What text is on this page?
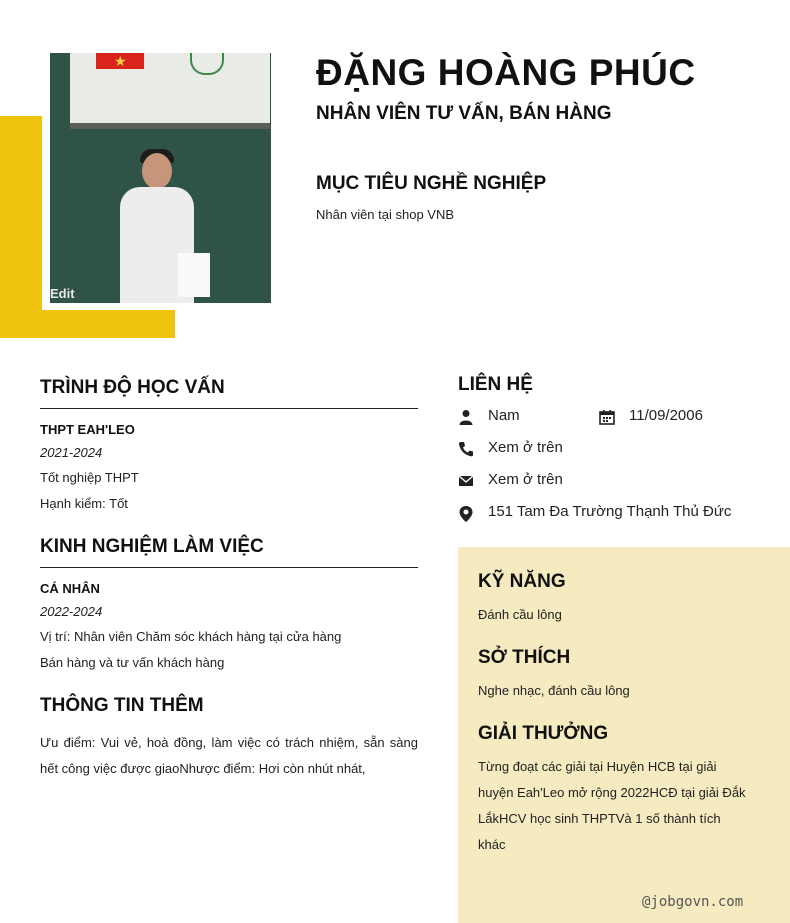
★
Edit
ĐẶNG HOÀNG PHÚC
NHÂN VIÊN TƯ VẤN, BÁN HÀNG
MỤC TIÊU NGHỀ NGHIỆP
Nhân viên tại shop VNB
TRÌNH ĐỘ HỌC VẤN
THPT EAH'LEO
2021-2024
Tốt nghiệp THPT
Hạnh kiểm: Tốt
KINH NGHIỆM LÀM VIỆC
CÁ NHÂN
2022-2024
Vị trí: Nhân viên Chăm sóc khách hàng tại cửa hàng
Bán hàng và tư vấn khách hàng
THÔNG TIN THÊM
Ưu điểm: Vui vẻ, hoà đồng, làm việc có trách nhiệm, sẵn sàng hết công việc được giaoNhược điểm: Hơi còn nhút nhát,
LIÊN HỆ
Nam	11/09/2006
Xem ở trên
Xem ở trên
151 Tam Đa Trường Thạnh Thủ Đức
KỸ NĂNG
Đánh cầu lông
SỞ THÍCH
Nghe nhạc, đánh cầu lông
GIẢI THƯỞNG
Từng đoạt các giải tại Huyện HCB tại giải huyện Eah'Leo mở rộng 2022HCĐ tại giải Đắk LắkHCV học sinh THPTVà 1 số thành tích khác
@jobgovn.com
